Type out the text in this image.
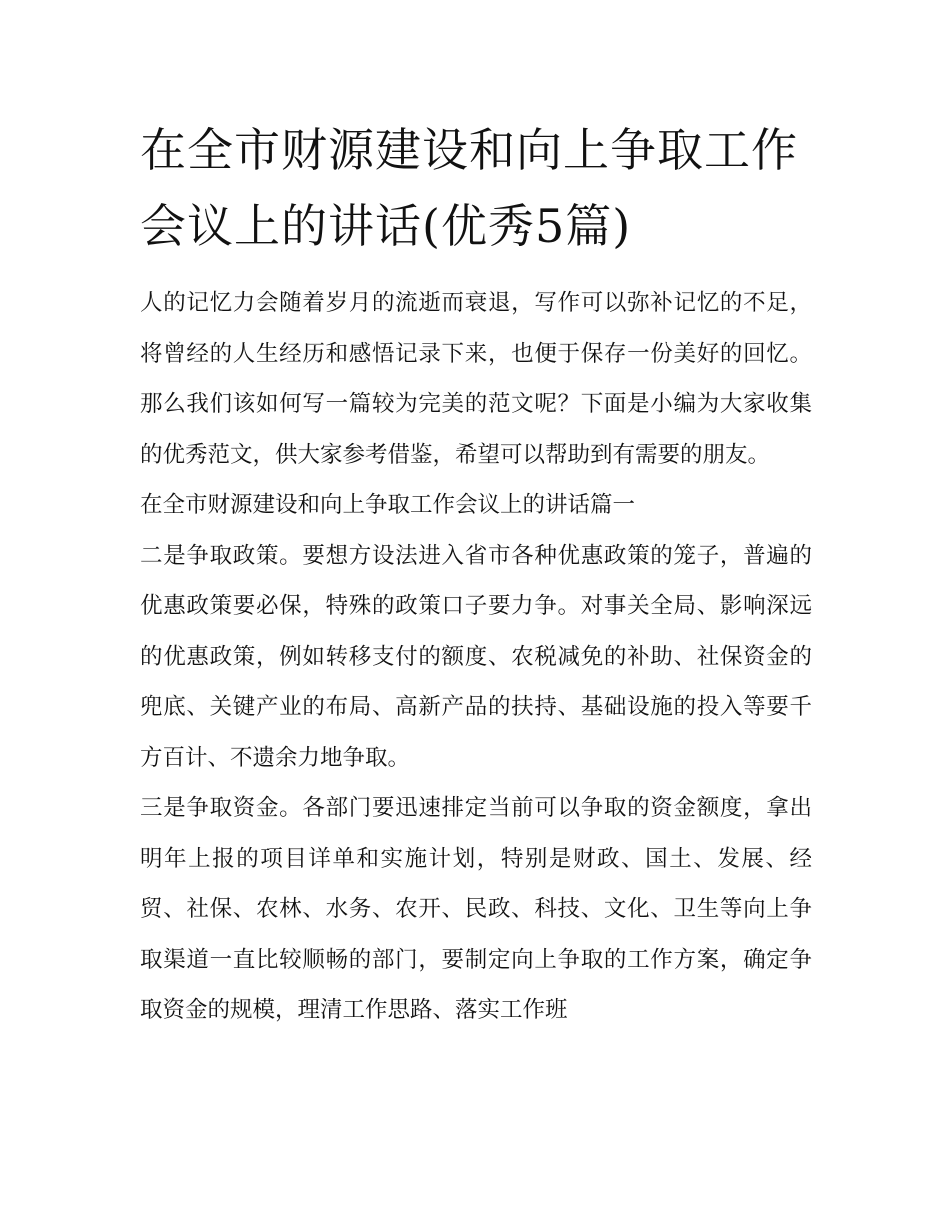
在全市财源建设和向上争取工作会议上的讲话(优秀5篇)

人的记忆力会随着岁月的流逝而衰退，写作可以弥补记忆的不足，将曾经的人生经历和感悟记录下来，也便于保存一份美好的回忆。那么我们该如何写一篇较为完美的范文呢？下面是小编为大家收集的优秀范文，供大家参考借鉴，希望可以帮助到有需要的朋友。

在全市财源建设和向上争取工作会议上的讲话篇一

二是争取政策。要想方设法进入省市各种优惠政策的笼子，普遍的优惠政策要必保，特殊的政策口子要力争。对事关全局、影响深远的优惠政策，例如转移支付的额度、农税减免的补助、社保资金的兜底、关键产业的布局、高新产品的扶持、基础设施的投入等要千方百计、不遗余力地争取。

三是争取资金。各部门要迅速排定当前可以争取的资金额度，拿出明年上报的项目详单和实施计划，特别是财政、国土、发展、经贸、社保、农林、水务、农开、民政、科技、文化、卫生等向上争取渠道一直比较顺畅的部门，要制定向上争取的工作方案，确定争取资金的规模，理清工作思路、落实工作班
